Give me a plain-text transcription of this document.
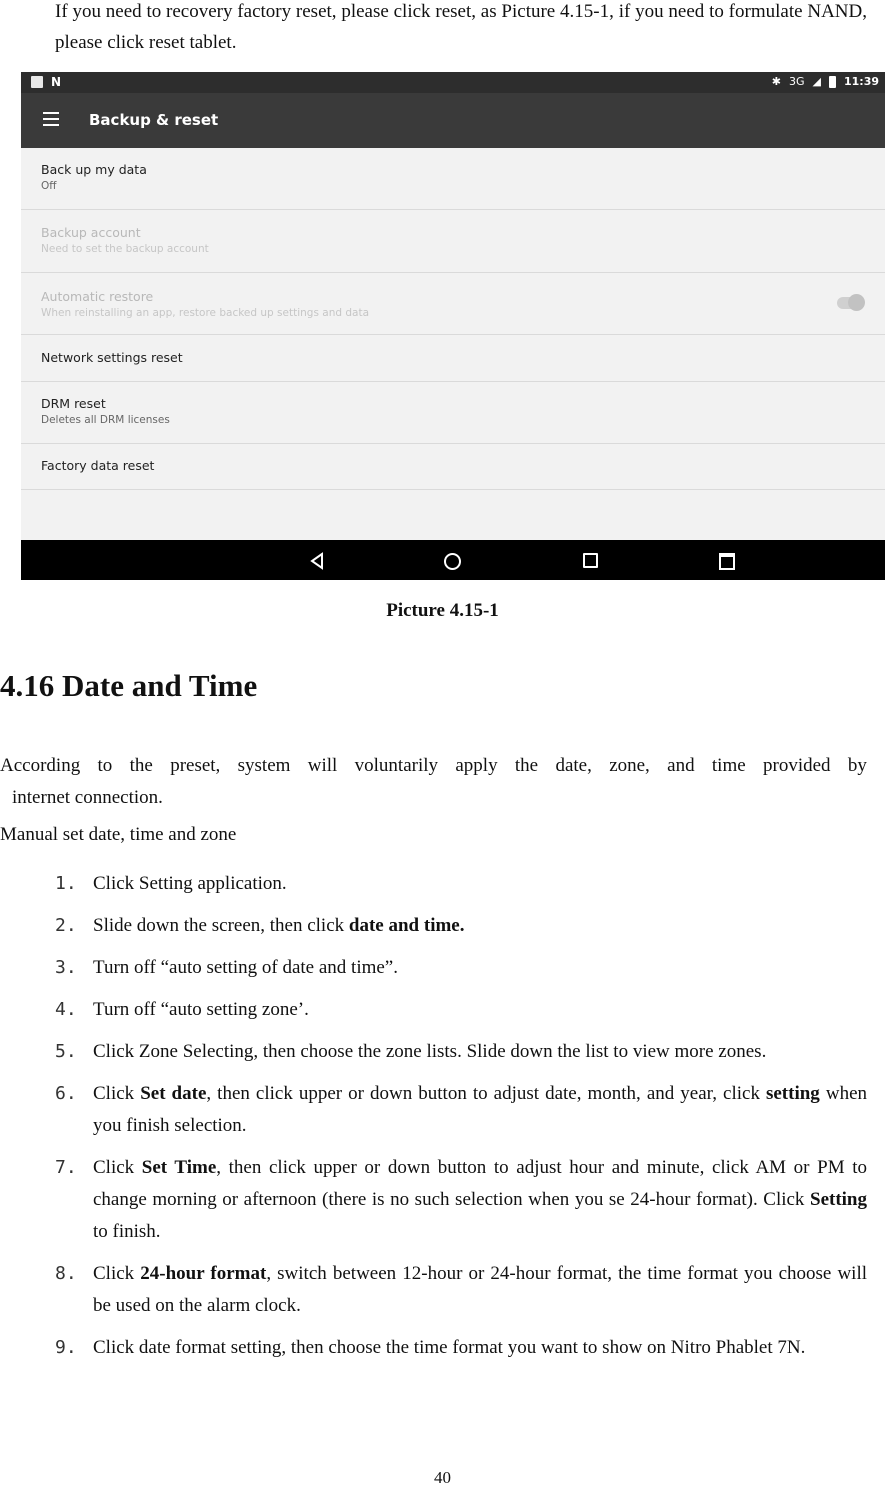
If you need to recovery factory reset, please click reset, as Picture 4.15-1, if you need to formulate NAND, please click reset tablet.
N	✱ 3G ◢ 11:39
Backup & reset
Back up my data
Off
Backup account
Need to set the backup account
Automatic restore
When reinstalling an app, restore backed up settings and data
Network settings reset
DRM reset
Deletes all DRM licenses
Factory data reset
Picture 4.15-1
4.16 Date and Time
According to the preset, system will voluntarily apply the date, zone, and time provided by
internet connection.
Manual set date, time and zone
1. Click Setting application.
2. Slide down the screen, then click date and time.
3. Turn off “auto setting of date and time”.
4. Turn off “auto setting zone’.
5. Click Zone Selecting, then choose the zone lists. Slide down the list to view more zones.
6. Click Set date, then click upper or down button to adjust date, month, and year, click setting when you finish selection.
7. Click Set Time, then click upper or down button to adjust hour and minute, click AM or PM to change morning or afternoon (there is no such selection when you se 24-hour format). Click Setting to finish.
8. Click 24-hour format, switch between 12-hour or 24-hour format, the time format you choose will be used on the alarm clock.
9. Click date format setting, then choose the time format you want to show on Nitro Phablet 7N.
40
